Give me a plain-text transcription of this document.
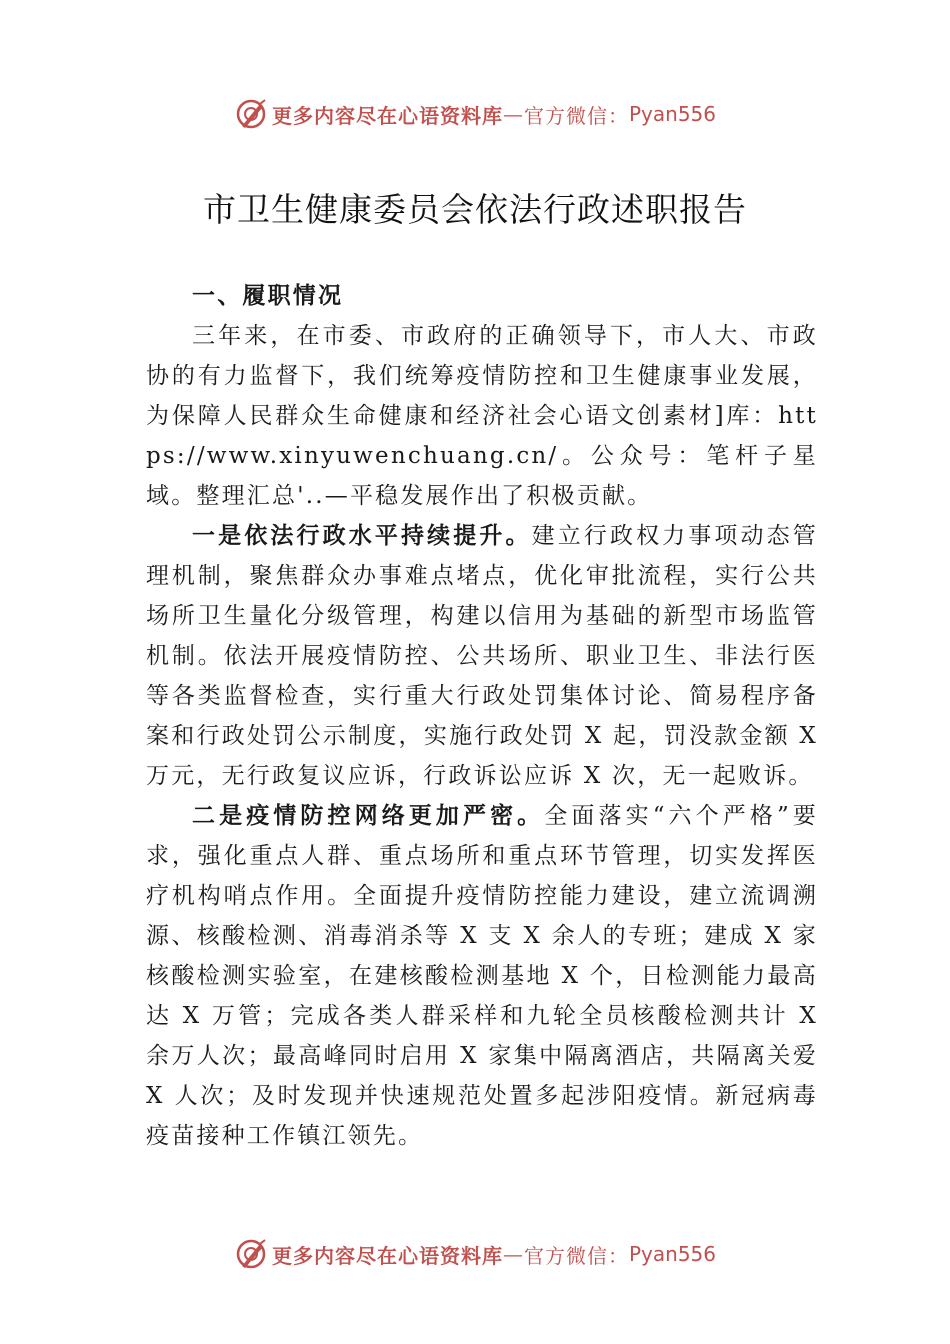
更多内容尽在心语资料库 — 官方微信： Pyan556
市卫生健康委员会依法行政述职报告

一、履职情况

三年来，在市委、市政府的正确领导下，市人大、市政协的有力监督下，我们统筹疫情防控和卫生健康事业发展，为保障人民群众生命健康和经济社会心语文创素材]库：https://www.xinyuwenchuang.cn/。公众号：笔杆子星域。整理汇总'..—平稳发展作出了积极贡献。

一是依法行政水平持续提升。建立行政权力事项动态管理机制，聚焦群众办事难点堵点，优化审批流程，实行公共场所卫生量化分级管理，构建以信用为基础的新型市场监管机制。依法开展疫情防控、公共场所、职业卫生、非法行医等各类监督检查，实行重大行政处罚集体讨论、简易程序备案和行政处罚公示制度，实施行政处罚 X 起，罚没款金额 X 万元，无行政复议应诉，行政诉讼应诉 X 次，无一起败诉。

二是疫情防控网络更加严密。全面落实“六个严格”要求，强化重点人群、重点场所和重点环节管理，切实发挥医疗机构哨点作用。全面提升疫情防控能力建设，建立流调溯源、核酸检测、消毒消杀等 X 支 X 余人的专班；建成 X 家核酸检测实验室，在建核酸检测基地 X 个，日检测能力最高达 X 万管；完成各类人群采样和九轮全员核酸检测共计 X 余万人次；最高峰同时启用 X 家集中隔离酒店，共隔离关爱 X 人次；及时发现并快速规范处置多起涉阳疫情。新冠病毒疫苗接种工作镇江领先。

更多内容尽在心语资料库 — 官方微信： Pyan556
